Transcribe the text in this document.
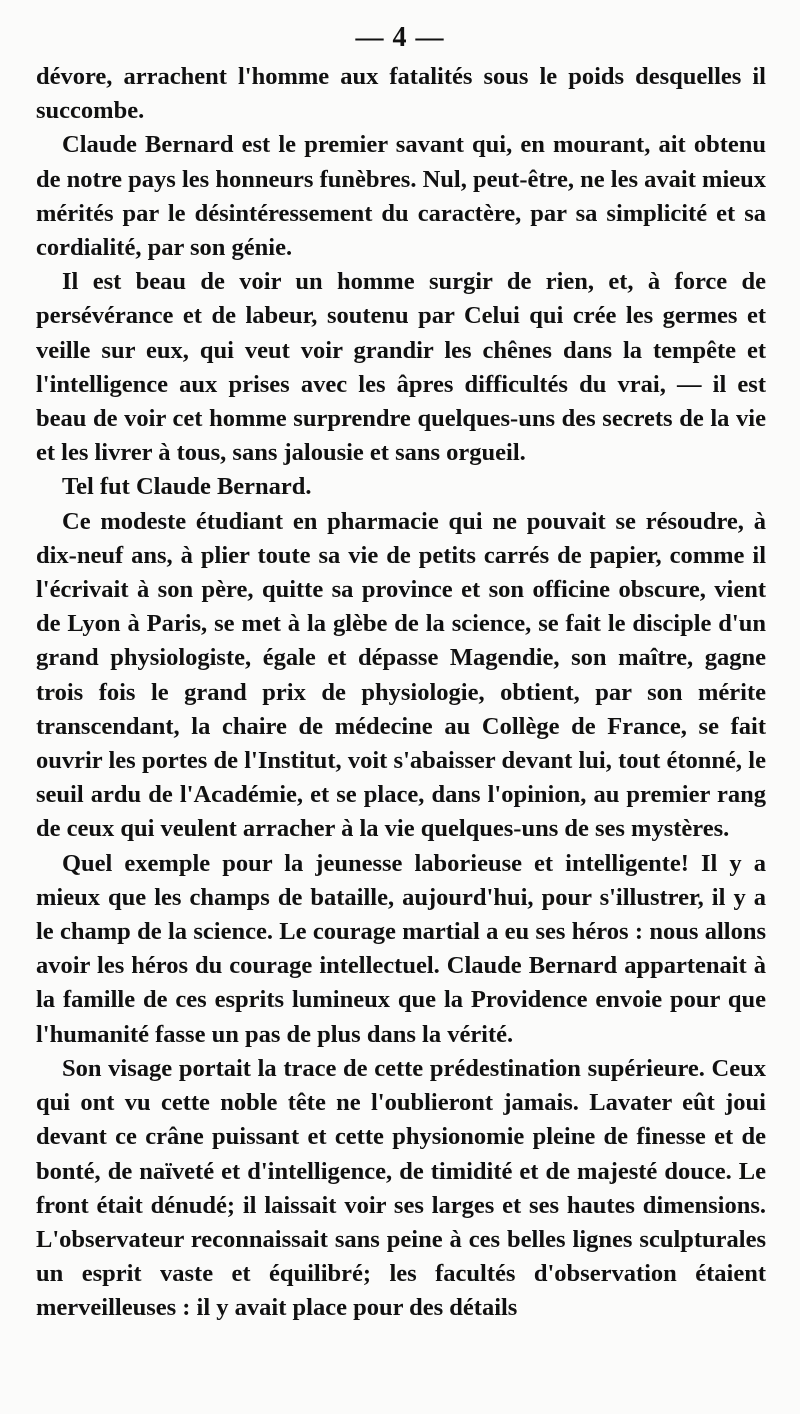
— 4 —

dévore, arrachent l'homme aux fatalités sous le poids desquelles il succombe.

Claude Bernard est le premier savant qui, en mourant, ait obtenu de notre pays les honneurs funèbres. Nul, peut-être, ne les avait mieux mérités par le désintéressement du caractère, par sa simplicité et sa cordialité, par son génie.

Il est beau de voir un homme surgir de rien, et, à force de persévérance et de labeur, soutenu par Celui qui crée les germes et veille sur eux, qui veut voir grandir les chênes dans la tempête et l'intelligence aux prises avec les âpres difficultés du vrai, — il est beau de voir cet homme surprendre quelques-uns des secrets de la vie et les livrer à tous, sans jalousie et sans orgueil.

Tel fut Claude Bernard.

Ce modeste étudiant en pharmacie qui ne pouvait se résoudre, à dix-neuf ans, à plier toute sa vie de petits carrés de papier, comme il l'écrivait à son père, quitte sa province et son officine obscure, vient de Lyon à Paris, se met à la glèbe de la science, se fait le disciple d'un grand physiologiste, égale et dépasse Magendie, son maître, gagne trois fois le grand prix de physiologie, obtient, par son mérite transcendant, la chaire de médecine au Collège de France, se fait ouvrir les portes de l'Institut, voit s'abaisser devant lui, tout étonné, le seuil ardu de l'Académie, et se place, dans l'opinion, au premier rang de ceux qui veulent arracher à la vie quelques-uns de ses mystères.

Quel exemple pour la jeunesse laborieuse et intelligente! Il y a mieux que les champs de bataille, aujourd'hui, pour s'illustrer, il y a le champ de la science. Le courage martial a eu ses héros : nous allons avoir les héros du courage intellectuel. Claude Bernard appartenait à la famille de ces esprits lumineux que la Providence envoie pour que l'humanité fasse un pas de plus dans la vérité.

Son visage portait la trace de cette prédestination supérieure. Ceux qui ont vu cette noble tête ne l'oublieront jamais. Lavater eût joui devant ce crâne puissant et cette physionomie pleine de finesse et de bonté, de naïveté et d'intelligence, de timidité et de majesté douce. Le front était dénudé; il laissait voir ses larges et ses hautes dimensions. L'observateur reconnaissait sans peine à ces belles lignes sculpturales un esprit vaste et équilibré; les facultés d'observation étaient merveilleuses : il y avait place pour des détails
